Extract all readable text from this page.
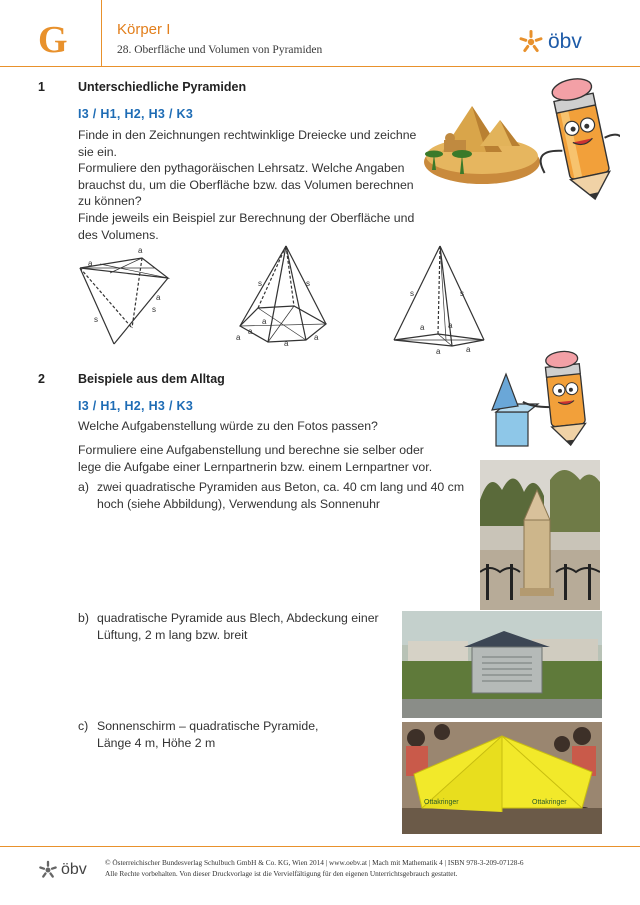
G	Körper I
28. Oberfläche und Volumen von Pyramiden	öbv
1	Unterschiedliche Pyramiden
I3 / H1, H2, H3 / K3
Finde in den Zeichnungen rechtwinklige Dreiecke und zeichne
sie ein.
Formuliere den pythagoräischen Lehrsatz. Welche Angaben
brauchst du, um die Oberfläche bzw. das Volumen berechnen
zu können?
Finde jeweils ein Beispiel zur Berechnung der Oberfläche und
des Volumens.
a
a
a
s
s
s	s
a
a
a
a
a
s	s
a	a
a
a
2	Beispiele aus dem Alltag
I3 / H1, H2, H3 / K3
Welche Aufgabenstellung würde zu den Fotos passen?
Formuliere eine Aufgabenstellung und berechne sie selber oder
lege die Aufgabe einer Lernpartnerin bzw. einem Lernpartner vor.
a) zwei quadratische Pyramiden aus Beton, ca. 40 cm lang und 40 cm
hoch (siehe Abbildung), Verwendung als Sonnenuhr
b) quadratische Pyramide aus Blech, Abdeckung einer
Lüftung, 2 m lang bzw. breit
c) Sonnenschirm – quadratische Pyramide,
Länge 4 m, Höhe 2 m
Ottakringer	Ottakringer
öbv © Österreichischer Bundesverlag Schulbuch GmbH & Co. KG, Wien 2014 | www.oebv.at | Mach mit Mathematik 4 | ISBN 978-3-209-07128-6
Alle Rechte vorbehalten. Von dieser Druckvorlage ist die Vervielfältigung für den eigenen Unterrichtsgebrauch gestattet.
